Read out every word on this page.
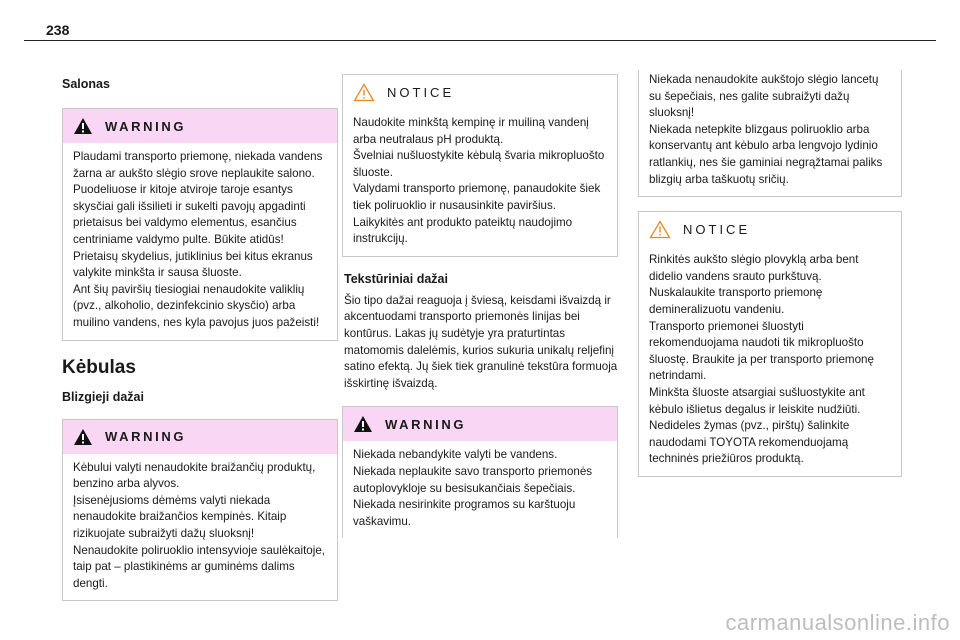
238
Salonas
WARNING

Plaudami transporto priemonę, niekada vandens žarna ar aukšto slėgio srove neplaukite salono.

Puodeliuose ir kitoje atviroje taroje esantys skysčiai gali išsilieti ir sukelti pavojų apgadinti prietaisus bei valdymo elementus, esančius centriniame valdymo pulte. Būkite atidūs!

Prietaisų skydelius, jutiklinius bei kitus ekranus valykite minkšta ir sausa šluoste.

Ant šių paviršių tiesiogiai nenaudokite valiklių (pvz., alkoholio, dezinfekcinio skysčio) arba muilino vandens, nes kyla pavojus juos pažeisti!

Kėbulas
Blizgieji dažai
WARNING

Kėbului valyti nenaudokite braižančių produktų, benzino arba alyvos.

Įsisenėjusioms dėmėms valyti niekada nenaudokite braižančios kempinės. Kitaip rizikuojate subraižyti dažų sluoksnį!

Nenaudokite poliruoklio intensyvioje saulėkaitoje, taip pat – plastikinėms ar guminėms dalims dengti.

NOTICE

Naudokite minkštą kempinę ir muiliną vandenį arba neutralaus pH produktą.

Švelniai nušluostykite kėbulą švaria mikropluošto šluoste.

Valydami transporto priemonę, panaudokite šiek tiek poliruoklio ir nusausinkite paviršius.

Laikykitės ant produkto pateiktų naudojimo instrukcijų.

Tekstūriniai dažai
Šio tipo dažai reaguoja į šviesą, keisdami išvaizdą ir akcentuodami transporto priemonės linijas bei kontūrus. Lakas jų sudėtyje yra praturtintas matomomis dalelėmis, kurios sukuria unikalų reljefinį satino efektą. Jų šiek tiek granulinė tekstūra formuoja išskirtinę išvaizdą.
WARNING

Niekada nebandykite valyti be vandens.

Niekada neplaukite savo transporto priemonės autoplovykloje su besisukančiais šepečiais.

Niekada nesirinkite programos su karštuoju vaškavimu.

Niekada nenaudokite aukštojo slėgio lancetų su šepečiais, nes galite subraižyti dažų sluoksnį!

Niekada netepkite blizgaus poliruoklio arba konservantų ant kėbulo arba lengvojo lydinio ratlankių, nes šie gaminiai negrąžtamai paliks blizgių arba taškuotų sričių.

NOTICE

Rinkitės aukšto slėgio plovyklą arba bent didelio vandens srauto purkštuvą.

Nuskalaukite transporto priemonę demineralizuotu vandeniu.

Transporto priemonei šluostyti rekomenduojama naudoti tik mikropluošto šluostę. Braukite ja per transporto priemonę netrindami.

Minkšta šluoste atsargiai sušluostykite ant kėbulo išlietus degalus ir leiskite nudžiūti.

Nedideles žymas (pvz., pirštų) šalinkite naudodami TOYOTA rekomenduojamą techninės priežiūros produktą.

carmanualsonline.info
